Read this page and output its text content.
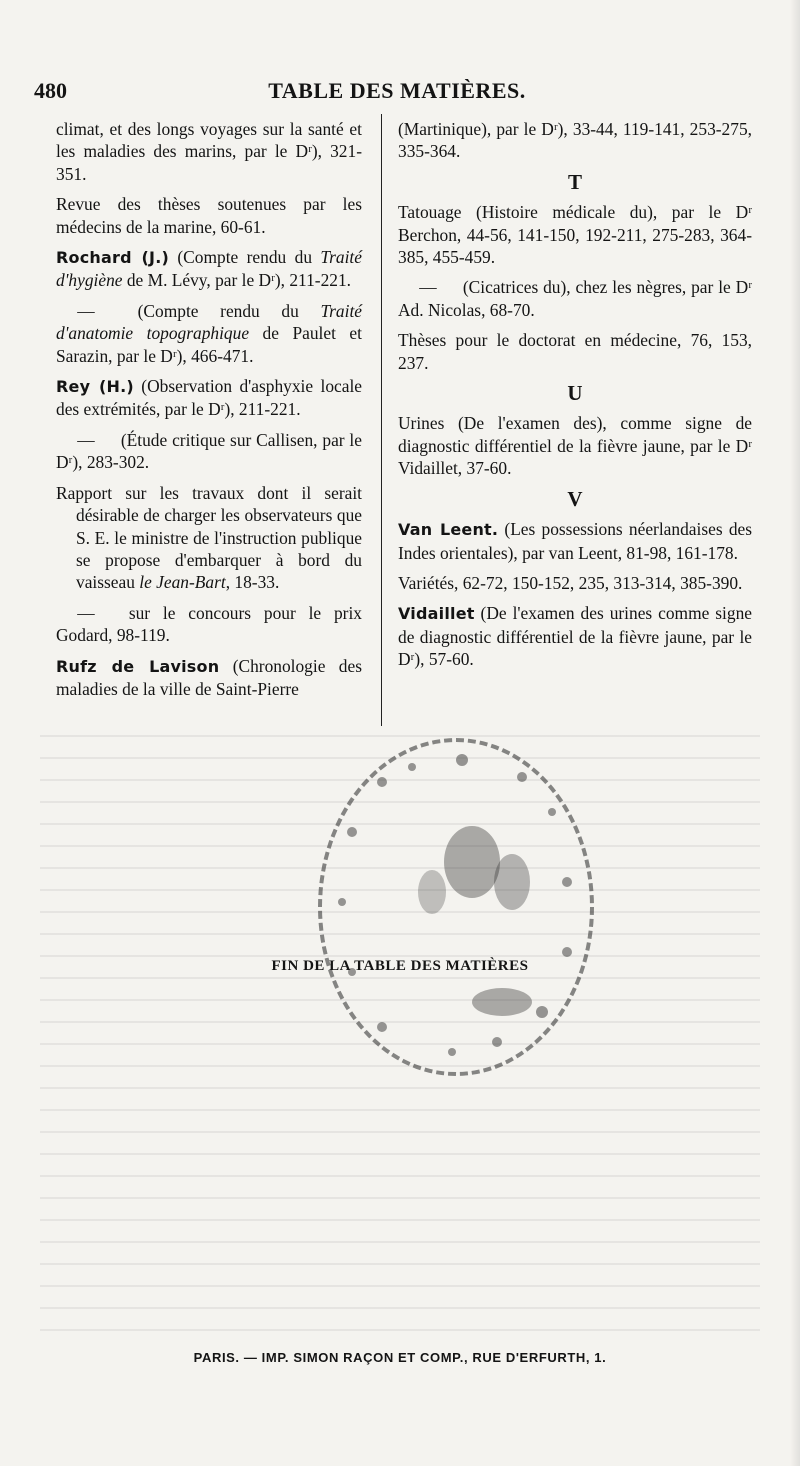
480	TABLE DES MATIÈRES.

climat, et des longs voyages sur la santé et les maladies des marins, par le Dʳ), 321-351.

Revue des thèses soutenues par les médecins de la marine, 60-61.

Rochard (J.) (Compte rendu du Traité d'hygiène de M. Lévy, par le Dʳ), 211-221.

— (Compte rendu du Traité d'anatomie topographique de Paulet et Sarazin, par le Dʳ), 466-471.

Rey (H.) (Observation d'asphyxie locale des extrémités, par le Dʳ), 211-221.

— (Étude critique sur Callisen, par le Dʳ), 283-302.

Rapport sur les travaux dont il serait désirable de charger les observateurs que S. E. le ministre de l'instruction publique se propose d'embarquer à bord du vaisseau le Jean-Bart, 18-33.

— sur le concours pour le prix Godard, 98-119.

Rufz de Lavison (Chronologie des maladies de la ville de Saint-Pierre

(Martinique), par le Dʳ), 33-44, 119-141, 253-275, 335-364.

T

Tatouage (Histoire médicale du), par le Dʳ Berchon, 44-56, 141-150, 192-211, 275-283, 364-385, 455-459.

— (Cicatrices du), chez les nègres, par le Dʳ Ad. Nicolas, 68-70.

Thèses pour le doctorat en médecine, 76, 153, 237.

U

Urines (De l'examen des), comme signe de diagnostic différentiel de la fièvre jaune, par le Dʳ Vidaillet, 37-60.

V

Van Leent. (Les possessions néerlandaises des Indes orientales), par van Leent, 81-98, 161-178.

Variétés, 62-72, 150-152, 235, 313-314, 385-390.

Vidaillet (De l'examen des urines comme signe de diagnostic différentiel de la fièvre jaune, par le Dʳ), 57-60.

FIN DE LA TABLE DES MATIÈRES
PARIS. — IMP. SIMON RAÇON ET COMP., RUE D'ERFURTH, 1.
